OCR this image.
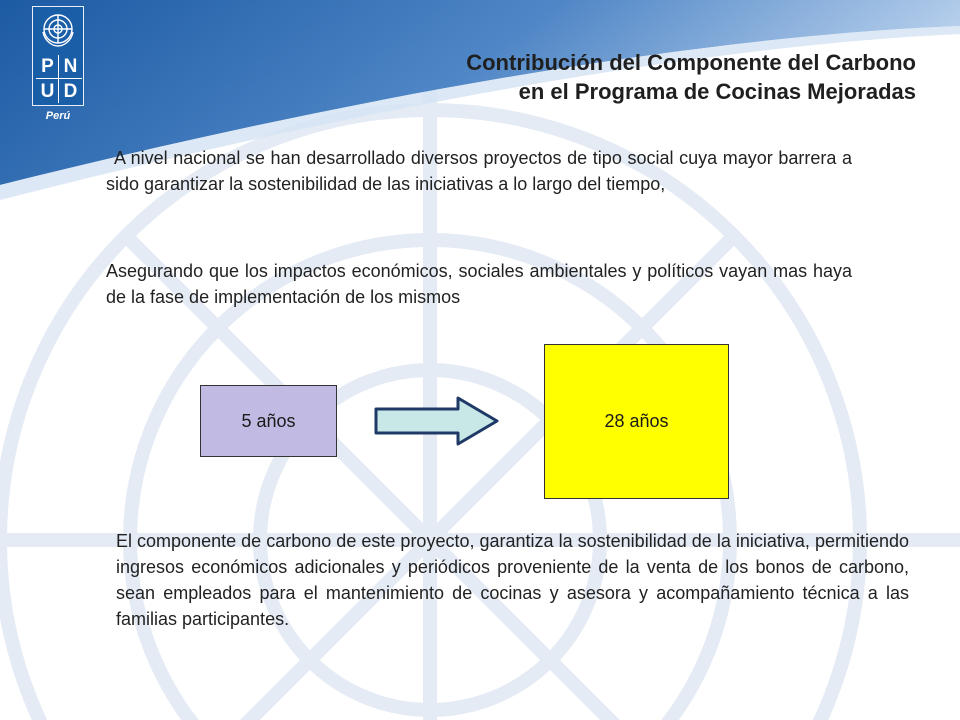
P N
U D
Perú
Contribución del Componente del Carbono
en el Programa de Cocinas Mejoradas
A nivel nacional se han desarrollado diversos proyectos de tipo social cuya mayor barrera a sido garantizar la sostenibilidad de las iniciativas a lo largo del tiempo,
Asegurando que los impactos económicos, sociales ambientales y políticos vayan mas haya de la fase de implementación de los mismos
5 años	28 años
El componente de carbono de este proyecto, garantiza la sostenibilidad de la iniciativa, permitiendo ingresos económicos adicionales y periódicos proveniente de la venta de los bonos de carbono, sean empleados para el mantenimiento de cocinas y asesora y acompañamiento técnica a las familias participantes.
